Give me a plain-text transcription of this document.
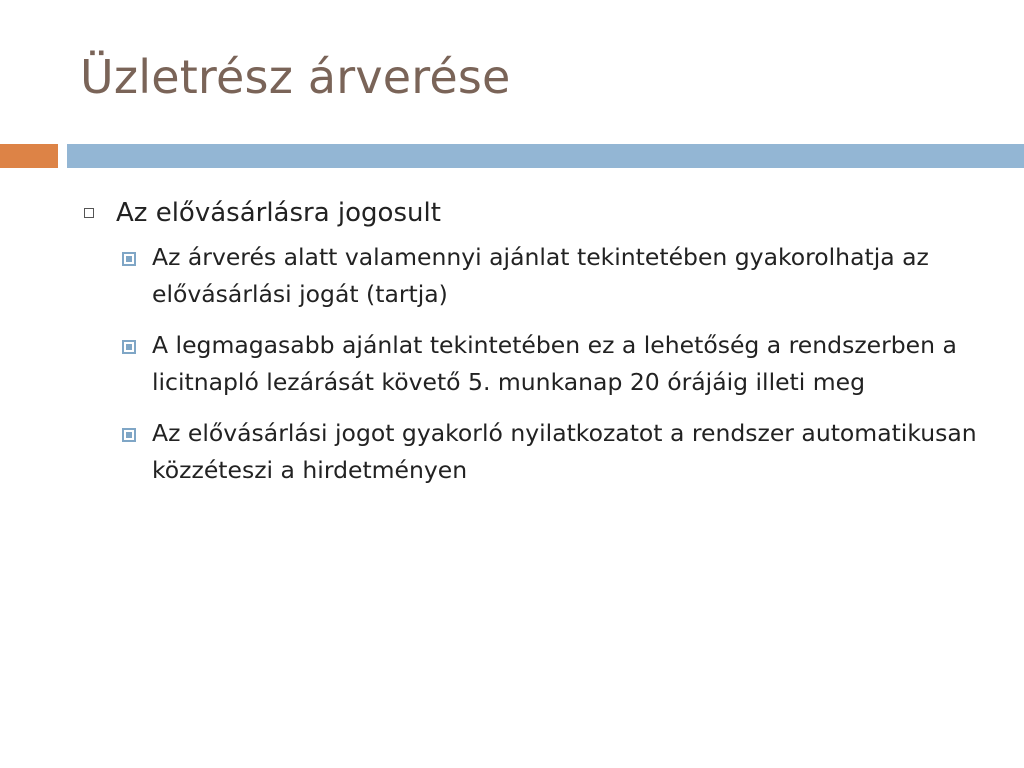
Üzletrész árverése
Az elővásárlásra jogosult
Az árverés alatt valamennyi ajánlat tekintetében gyakorolhatja az elővásárlási jogát (tartja)
A legmagasabb ajánlat tekintetében ez a lehetőség a rendszerben a licitnapló lezárását követő 5. munkanap 20 órájáig illeti meg
Az elővásárlási jogot gyakorló nyilatkozatot a rendszer automatikusan közzéteszi a hirdetményen
